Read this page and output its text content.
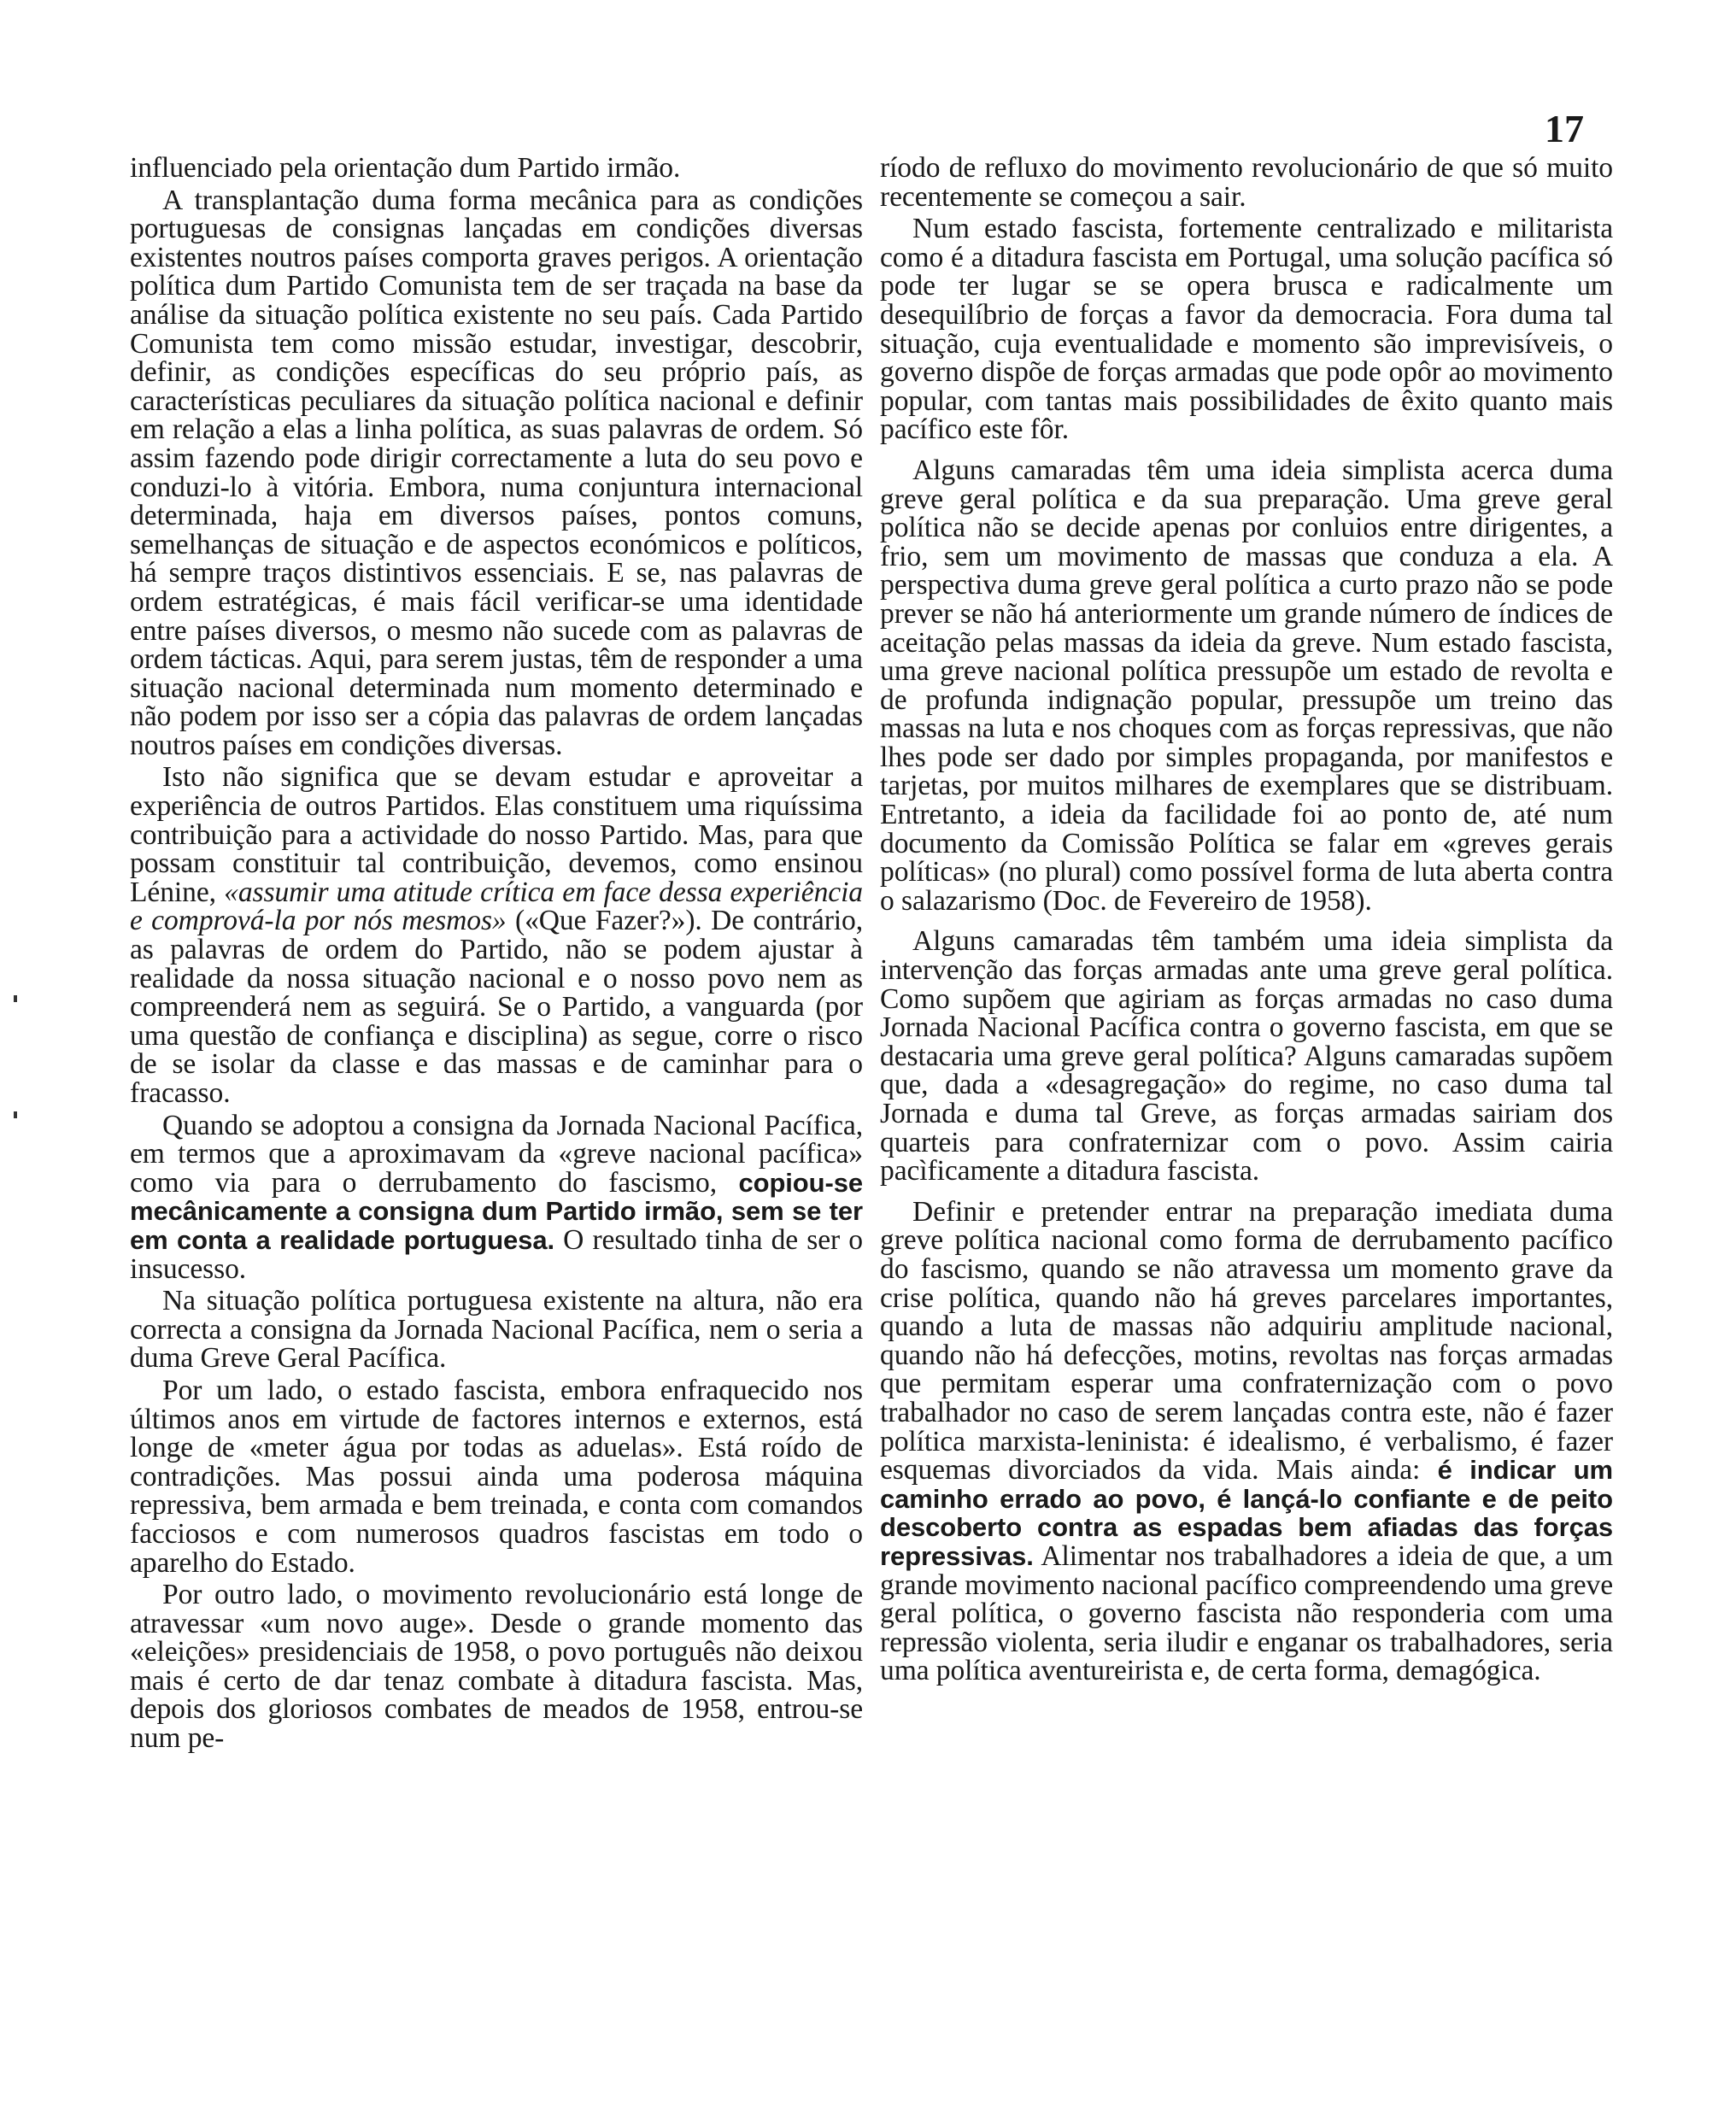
17

influenciado pela orientação dum Partido irmão.

A transplantação duma forma mecânica para as condições portuguesas de consignas lançadas em condições diversas existentes noutros países comporta graves perigos. A orientação política dum Partido Comunista tem de ser traçada na base da análise da situação política existente no seu país. Cada Partido Comunista tem como missão estudar, investigar, descobrir, definir, as condições específicas do seu próprio país, as características peculiares da situação política nacional e definir em relação a elas a linha política, as suas palavras de ordem. Só assim fazendo pode dirigir correctamente a luta do seu povo e conduzi-lo à vitória. Embora, numa conjuntura internacional determinada, haja em diversos países, pontos comuns, semelhanças de situação e de aspectos económicos e políticos, há sempre traços distintivos essenciais. E se, nas palavras de ordem estratégicas, é mais fácil verificar-se uma identidade entre países diversos, o mesmo não sucede com as palavras de ordem tácticas. Aqui, para serem justas, têm de responder a uma situação nacional determinada num momento determinado e não podem por isso ser a cópia das palavras de ordem lançadas noutros países em condições diversas.

Isto não significa que se devam estudar e aproveitar a experiência de outros Partidos. Elas constituem uma riquíssima contribuição para a actividade do nosso Partido. Mas, para que possam constituir tal contribuição, devemos, como ensinou Lénine, «assumir uma atitude crítica em face dessa experiência e comprová-la por nós mesmos» («Que Fazer?»). De contrário, as palavras de ordem do Partido, não se podem ajustar à realidade da nossa situação nacional e o nosso povo nem as compreenderá nem as seguirá. Se o Partido, a vanguarda (por uma questão de confiança e disciplina) as segue, corre o risco de se isolar da classe e das massas e de caminhar para o fracasso.

Quando se adoptou a consigna da Jornada Nacional Pacífica, em termos que a aproximavam da «greve nacional pacífica» como via para o derrubamento do fascismo, copiou-se mecânicamente a consigna dum Partido irmão, sem se ter em conta a realidade portuguesa. O resultado tinha de ser o insucesso.

Na situação política portuguesa existente na altura, não era correcta a consigna da Jornada Nacional Pacífica, nem o seria a duma Greve Geral Pacífica.

Por um lado, o estado fascista, embora enfraquecido nos últimos anos em virtude de factores internos e externos, está longe de «meter água por todas as aduelas». Está roído de contradições. Mas possui ainda uma poderosa máquina repressiva, bem armada e bem treinada, e conta com comandos facciosos e com numerosos quadros fascistas em todo o aparelho do Estado.

Por outro lado, o movimento revolucionário está longe de atravessar «um novo auge». Desde o grande momento das «eleições» presidenciais de 1958, o povo português não deixou mais é certo de dar tenaz combate à ditadura fascista. Mas, depois dos gloriosos combates de meados de 1958, entrou-se num pe-

ríodo de refluxo do movimento revolucionário de que só muito recentemente se começou a sair.

Num estado fascista, fortemente centralizado e militarista como é a ditadura fascista em Portugal, uma solução pacífica só pode ter lugar se se opera brusca e radicalmente um desequilíbrio de forças a favor da democracia. Fora duma tal situação, cuja eventualidade e momento são imprevisíveis, o governo dispõe de forças armadas que pode opôr ao movimento popular, com tantas mais possibilidades de êxito quanto mais pacífico este fôr.

Alguns camaradas têm uma ideia simplista acerca duma greve geral política e da sua preparação. Uma greve geral política não se decide apenas por conluios entre dirigentes, a frio, sem um movimento de massas que conduza a ela. A perspectiva duma greve geral política a curto prazo não se pode prever se não há anteriormente um grande número de índices de aceitação pelas massas da ideia da greve. Num estado fascista, uma greve nacional política pressupõe um estado de revolta e de profunda indignação popular, pressupõe um treino das massas na luta e nos choques com as forças repressivas, que não lhes pode ser dado por simples propaganda, por manifestos e tarjetas, por muitos milhares de exemplares que se distribuam. Entretanto, a ideia da facilidade foi ao ponto de, até num documento da Comissão Política se falar em «greves gerais políticas» (no plural) como possível forma de luta aberta contra o salazarismo (Doc. de Fevereiro de 1958).

Alguns camaradas têm também uma ideia simplista da intervenção das forças armadas ante uma greve geral política. Como supõem que agiriam as forças armadas no caso duma Jornada Nacional Pacífica contra o governo fascista, em que se destacaria uma greve geral política? Alguns camaradas supõem que, dada a «desagregação» do regime, no caso duma tal Jornada e duma tal Greve, as forças armadas sairiam dos quarteis para confraternizar com o povo. Assim cairia pacìficamente a ditadura fascista.

Definir e pretender entrar na preparação imediata duma greve política nacional como forma de derrubamento pacífico do fascismo, quando se não atravessa um momento grave da crise política, quando não há greves parcelares importantes, quando a luta de massas não adquiriu amplitude nacional, quando não há defecções, motins, revoltas nas forças armadas que permitam esperar uma confraternização com o povo trabalhador no caso de serem lançadas contra este, não é fazer política marxista-leninista: é idealismo, é verbalismo, é fazer esquemas divorciados da vida. Mais ainda: é indicar um caminho errado ao povo, é lançá-lo confiante e de peito descoberto contra as espadas bem afiadas das forças repressivas. Alimentar nos trabalhadores a ideia de que, a um grande movimento nacional pacífico compreendendo uma greve geral política, o governo fascista não responderia com uma repressão violenta, seria iludir e enganar os trabalhadores, seria uma política aventureirista e, de certa forma, demagógica.
